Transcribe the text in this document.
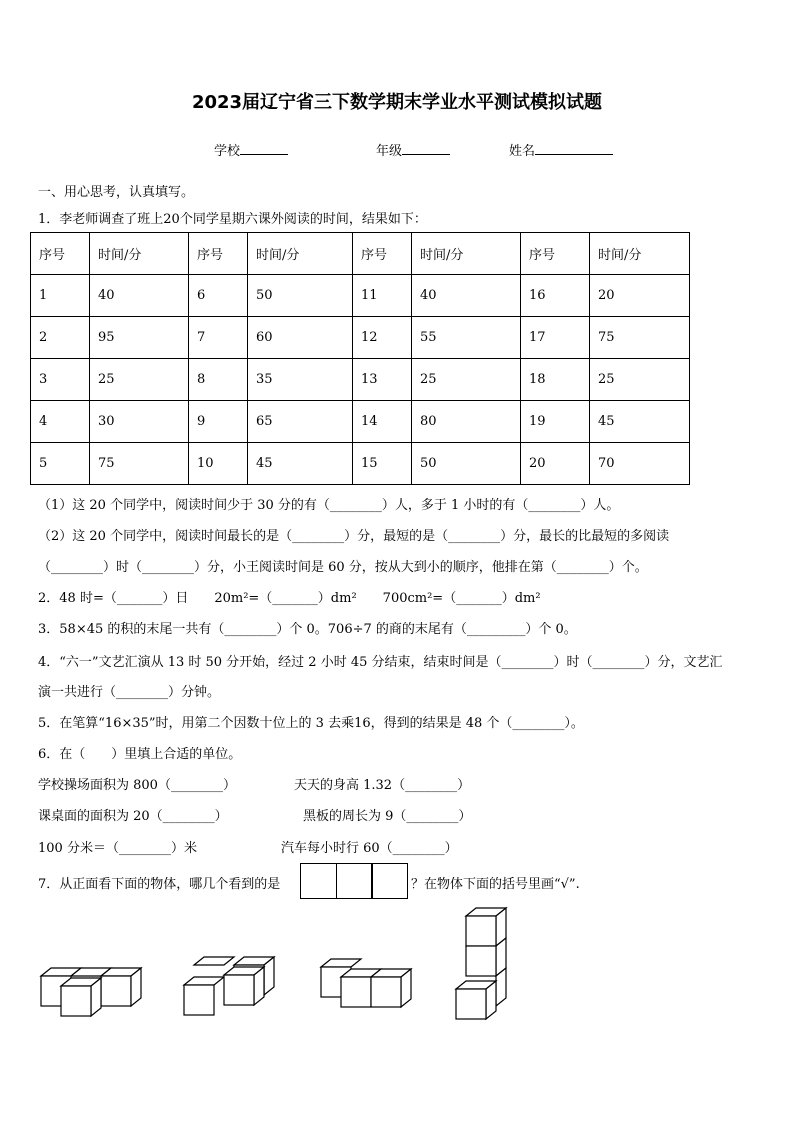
2023届辽宁省三下数学期末学业水平测试模拟试题
学校	年级	姓名
一、用心思考，认真填写。
1．李老师调查了班上20个同学星期六课外阅读的时间，结果如下：
序号	时间/分	序号	时间/分	序号	时间/分	序号	时间/分
1	40	6	50	11	40	16	20
2	95	7	60	12	55	17	75
3	25	8	35	13	25	18	25
4	30	9	65	14	80	19	45
5	75	10	45	15	50	20	70
（1）这 20 个同学中，阅读时间少于 30 分的有（________）人，多于 1 小时的有（________）人。
（2）这 20 个同学中，阅读时间最长的是（________）分，最短的是（________）分，最长的比最短的多阅读
（________）时（________）分，小王阅读时间是 60 分，按从大到小的顺序，他排在第（________）个。
2．48 时=（_______）日　　20m²=（_______）dm²　　700cm²=（_______）dm²
3．58×45 的积的末尾一共有（________）个 0。706÷7 的商的末尾有（_________）个 0。
4．“六一”文艺汇演从 13 时 50 分开始，经过 2 小时 45 分结束，结束时间是（________）时（________）分，文艺汇
演一共进行（________）分钟。
5．在笔算“16×35”时，用第二个因数十位上的 3 去乘16，得到的结果是 48 个（________）。
6．在（　　）里填上合适的单位。
学校操场面积为 800（________）	天天的身高 1.32（________）
课桌面的面积为 20（________）	黑板的周长为 9（________）
100 分米＝（________）米	汽车每小时行 60（________）
7．从正面看下面的物体，哪几个看到的是	？在物体下面的括号里画“√”.
